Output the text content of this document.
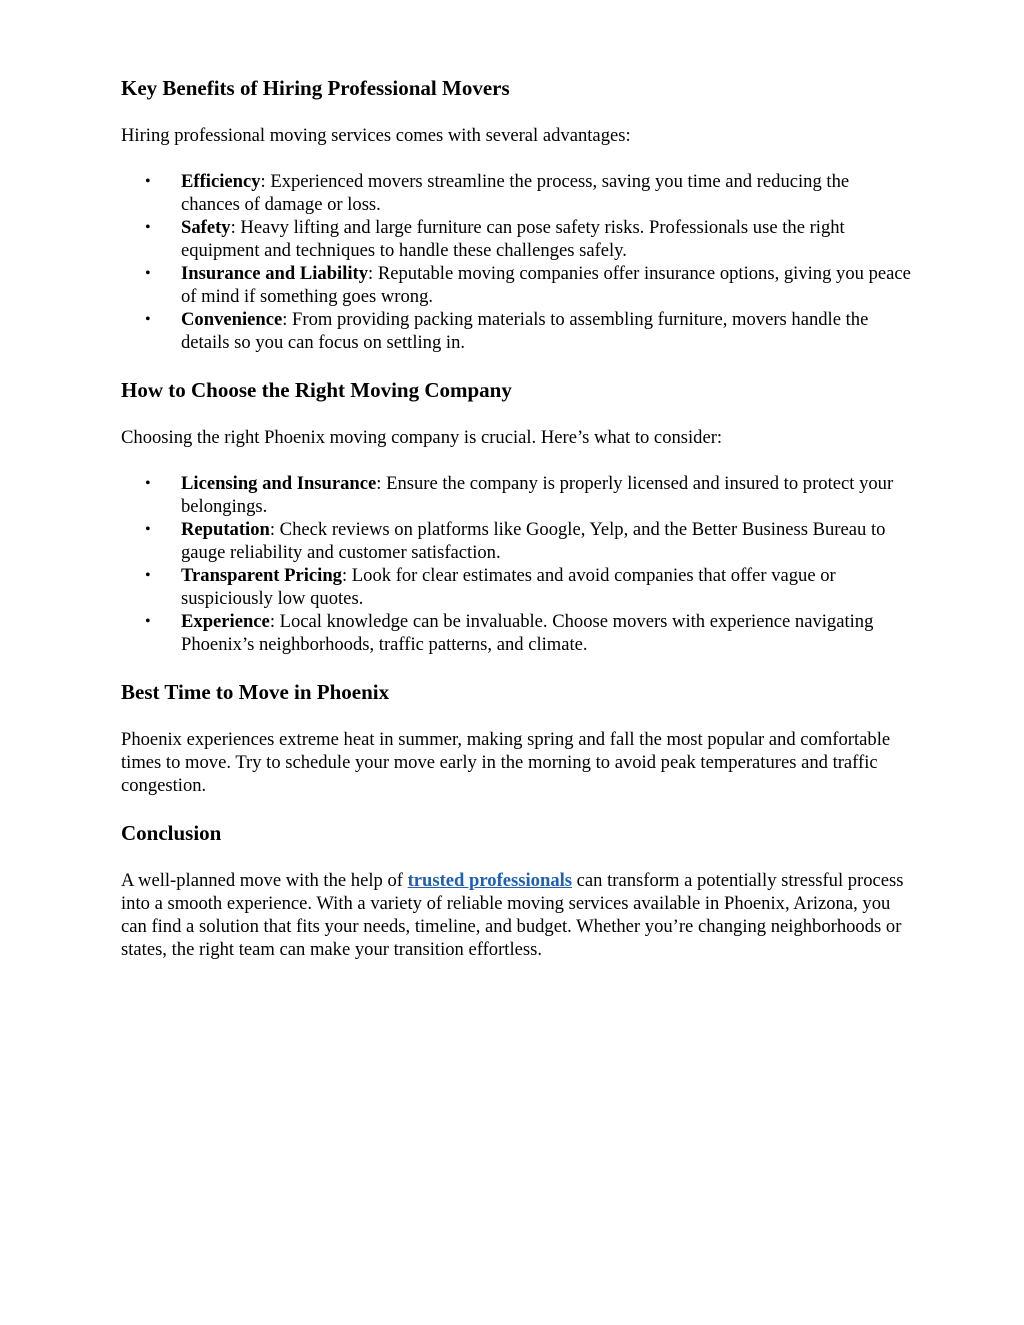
Key Benefits of Hiring Professional Movers

Hiring professional moving services comes with several advantages:

• Efficiency: Experienced movers streamline the process, saving you time and reducing the chances of damage or loss.
• Safety: Heavy lifting and large furniture can pose safety risks. Professionals use the right equipment and techniques to handle these challenges safely.
• Insurance and Liability: Reputable moving companies offer insurance options, giving you peace of mind if something goes wrong.
• Convenience: From providing packing materials to assembling furniture, movers handle the details so you can focus on settling in.
How to Choose the Right Moving Company

Choosing the right Phoenix moving company is crucial. Here’s what to consider:

• Licensing and Insurance: Ensure the company is properly licensed and insured to protect your belongings.
• Reputation: Check reviews on platforms like Google, Yelp, and the Better Business Bureau to gauge reliability and customer satisfaction.
• Transparent Pricing: Look for clear estimates and avoid companies that offer vague or suspiciously low quotes.
• Experience: Local knowledge can be invaluable. Choose movers with experience navigating Phoenix’s neighborhoods, traffic patterns, and climate.
Best Time to Move in Phoenix

Phoenix experiences extreme heat in summer, making spring and fall the most popular and comfortable times to move. Try to schedule your move early in the morning to avoid peak temperatures and traffic congestion.

Conclusion

A well-planned move with the help of trusted professionals can transform a potentially stressful process into a smooth experience. With a variety of reliable moving services available in Phoenix, Arizona, you can find a solution that fits your needs, timeline, and budget. Whether you’re changing neighborhoods or states, the right team can make your transition effortless.
